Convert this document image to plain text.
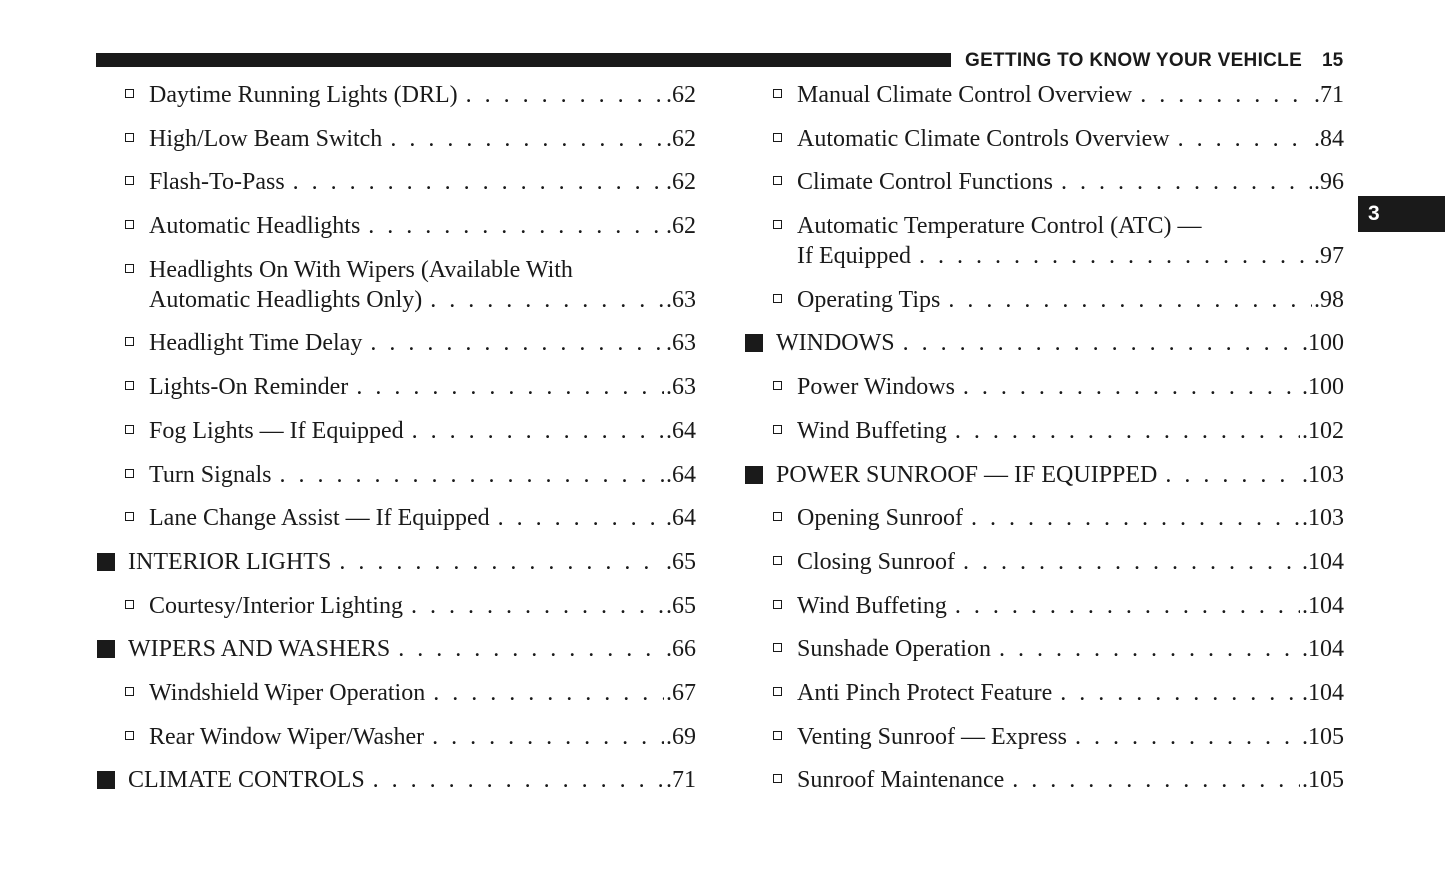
GETTING TO KNOW YOUR VEHICLE 15
3
Daytime Running Lights (DRL) . . .	.62
High/Low Beam Switch . . .	.62
Flash-To-Pass . . .	.62
Automatic Headlights . . .	.62
Headlights On With Wipers (Available With
Automatic Headlights Only) . . .	.63
Headlight Time Delay . . .	.63
Lights-On Reminder . . .	.63
Fog Lights — If Equipped . . .	.64
Turn Signals . . .	.64
Lane Change Assist — If Equipped . . .	.64
INTERIOR LIGHTS . . .	.65
Courtesy/Interior Lighting . . .	.65
WIPERS AND WASHERS . . .	.66
Windshield Wiper Operation . . .	.67
Rear Window Wiper/Washer . . .	.69
CLIMATE CONTROLS . . .	.71
Manual Climate Control Overview . . .	.71
Automatic Climate Controls Overview . . .	.84
Climate Control Functions . . .	.96
Automatic Temperature Control (ATC) —
If Equipped . . .	.97
Operating Tips . . .	.98
WINDOWS . . .	.100
Power Windows . . .	.100
Wind Buffeting . . .	.102
POWER SUNROOF — IF EQUIPPED . . .	.103
Opening Sunroof . . .	.103
Closing Sunroof . . .	.104
Wind Buffeting . . .	.104
Sunshade Operation . . .	.104
Anti Pinch Protect Feature . . .	.104
Venting Sunroof — Express . . .	.105
Sunroof Maintenance . . .	.105
